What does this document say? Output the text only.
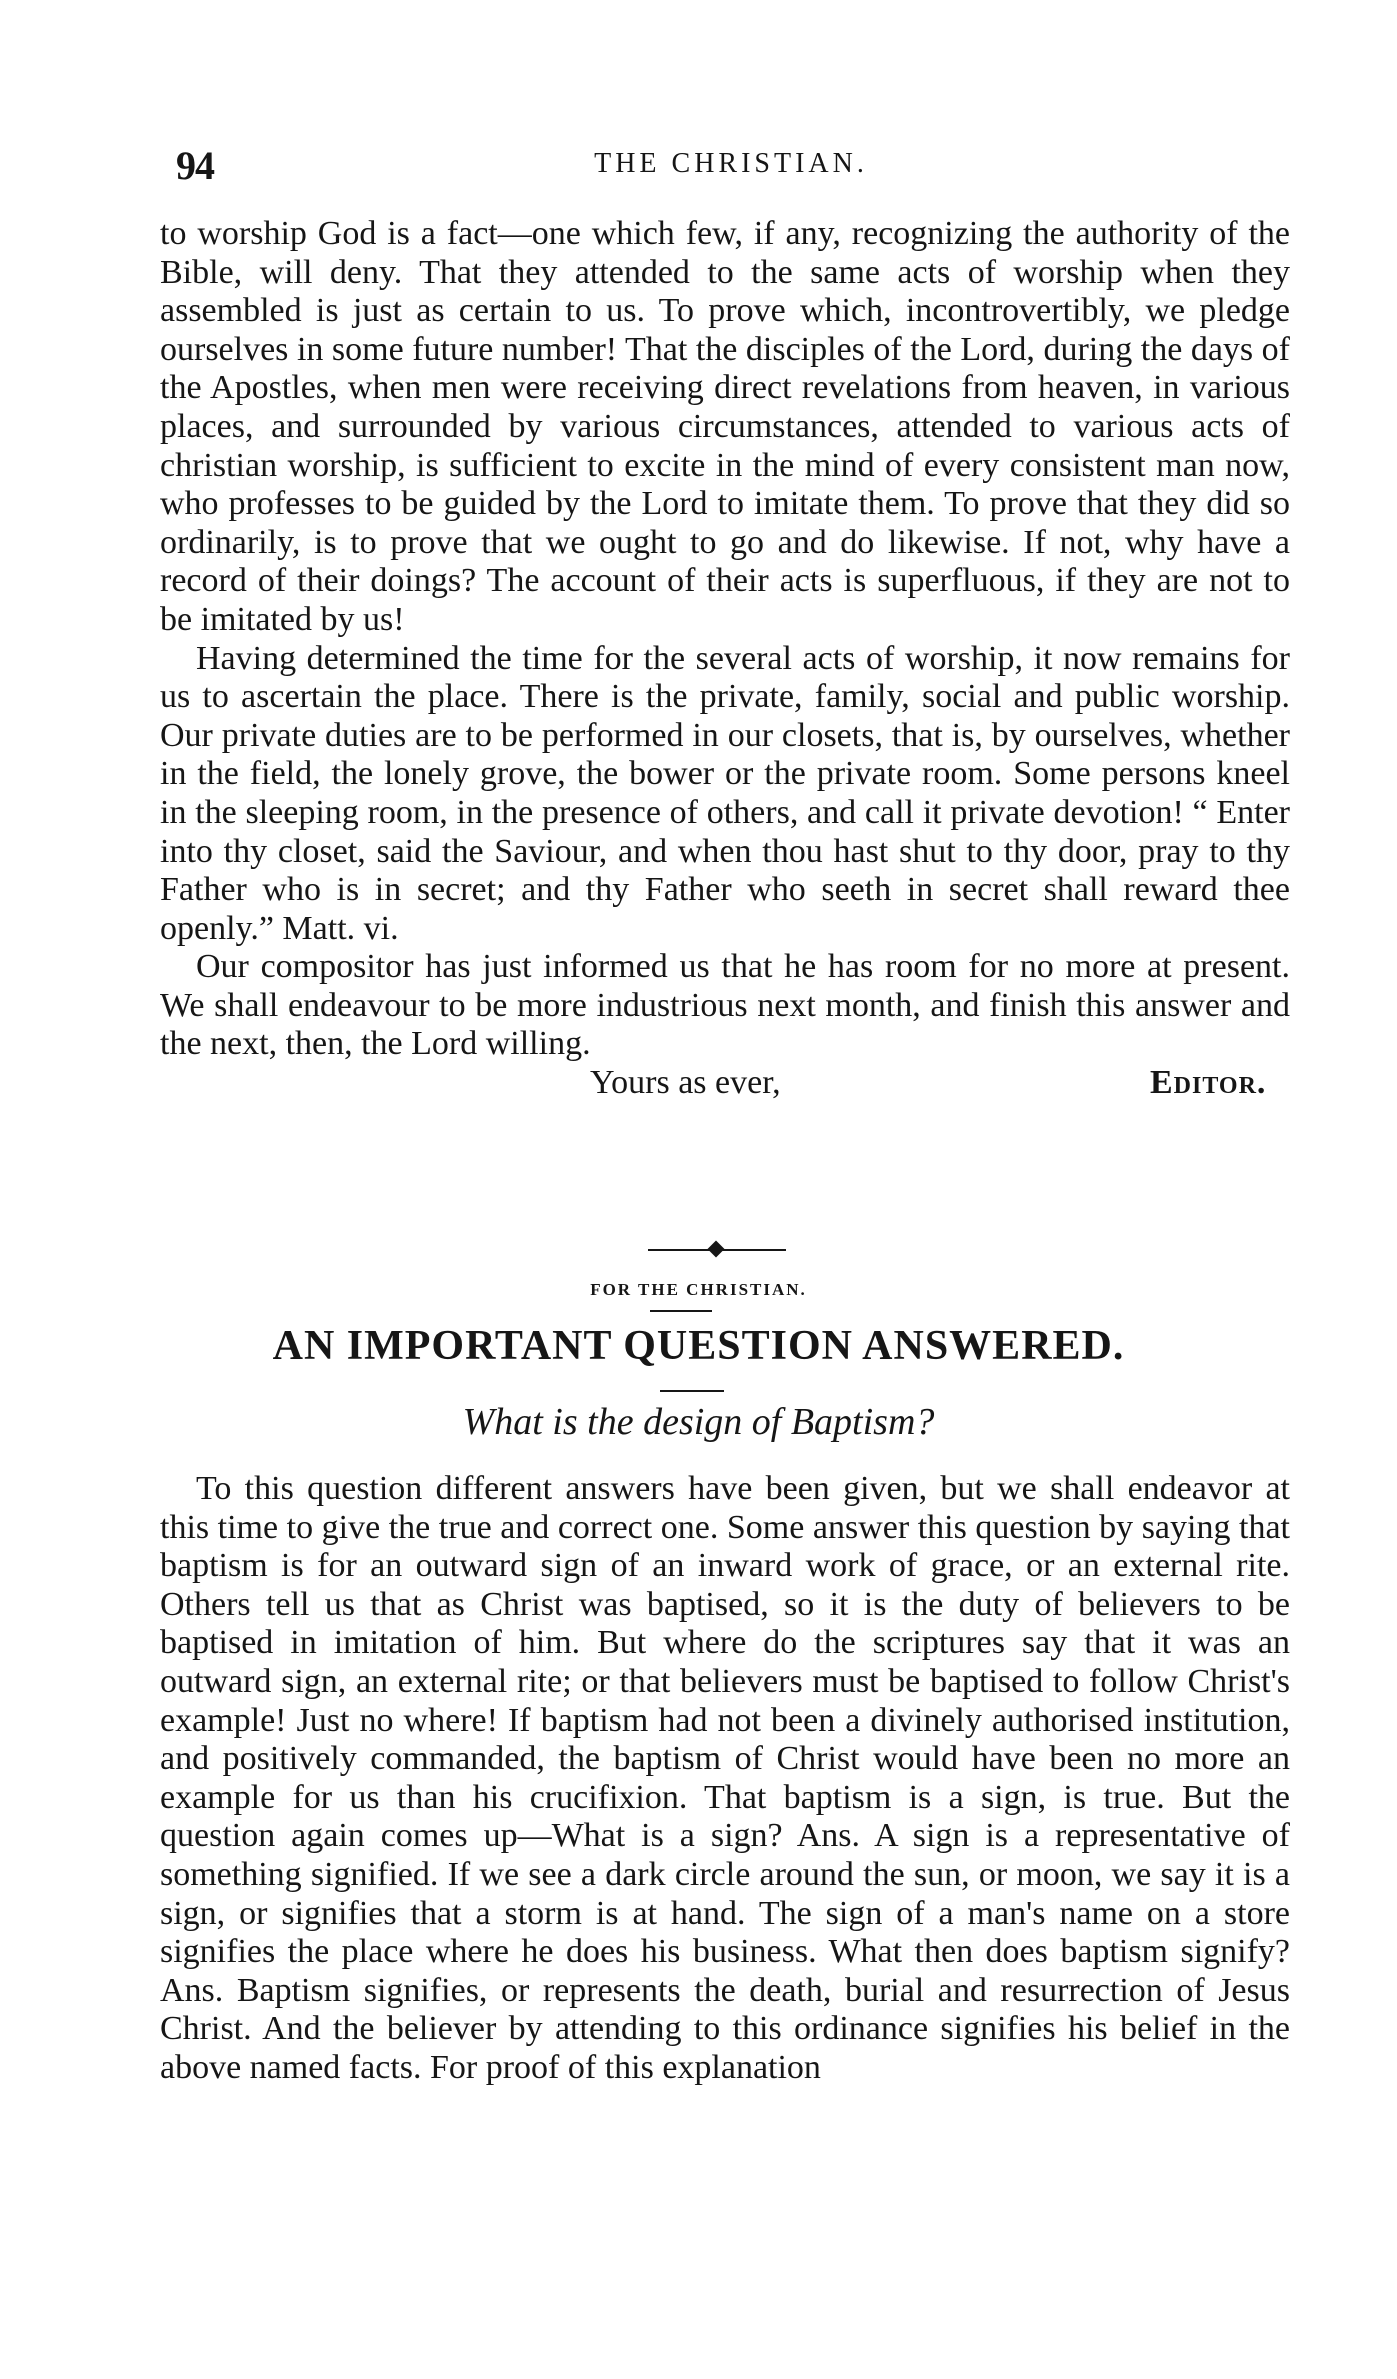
94	THE CHRISTIAN.

to worship God is a fact—one which few, if any, recognizing the authority of the Bible, will deny. That they attended to the same acts of worship when they assembled is just as certain to us. To prove which, incontrovertibly, we pledge ourselves in some future number! That the disciples of the Lord, during the days of the Apostles, when men were receiving direct revelations from heaven, in various places, and surrounded by various circumstances, attended to various acts of christian worship, is sufficient to excite in the mind of every consistent man now, who professes to be guided by the Lord to imitate them. To prove that they did so ordinarily, is to prove that we ought to go and do likewise. If not, why have a record of their doings? The account of their acts is superfluous, if they are not to be imitated by us!

Having determined the time for the several acts of worship, it now remains for us to ascertain the place. There is the private, family, social and public worship. Our private duties are to be performed in our closets, that is, by ourselves, whether in the field, the lonely grove, the bower or the private room. Some persons kneel in the sleeping room, in the presence of others, and call it private devotion! “ Enter into thy closet, said the Saviour, and when thou hast shut to thy door, pray to thy Father who is in secret; and thy Father who seeth in secret shall reward thee openly.” Matt. vi.

Our compositor has just informed us that he has room for no more at present. We shall endeavour to be more industrious next month, and finish this answer and the next, then, the Lord willing.

Yours as ever,	Editor.
FOR THE CHRISTIAN.
AN IMPORTANT QUESTION ANSWERED.
What is the design of Baptism?

To this question different answers have been given, but we shall endeavor at this time to give the true and correct one. Some answer this question by saying that baptism is for an outward sign of an inward work of grace, or an external rite. Others tell us that as Christ was baptised, so it is the duty of believers to be baptised in imitation of him. But where do the scriptures say that it was an outward sign, an external rite; or that believers must be baptised to follow Christ's example! Just no where! If baptism had not been a divinely authorised institution, and positively commanded, the baptism of Christ would have been no more an example for us than his crucifixion. That baptism is a sign, is true. But the question again comes up—What is a sign? Ans. A sign is a representative of something signified. If we see a dark circle around the sun, or moon, we say it is a sign, or signifies that a storm is at hand. The sign of a man's name on a store signifies the place where he does his business. What then does baptism signify? Ans. Baptism signifies, or represents the death, burial and resurrection of Jesus Christ. And the believer by attending to this ordinance signifies his belief in the above named facts. For proof of this explanation
